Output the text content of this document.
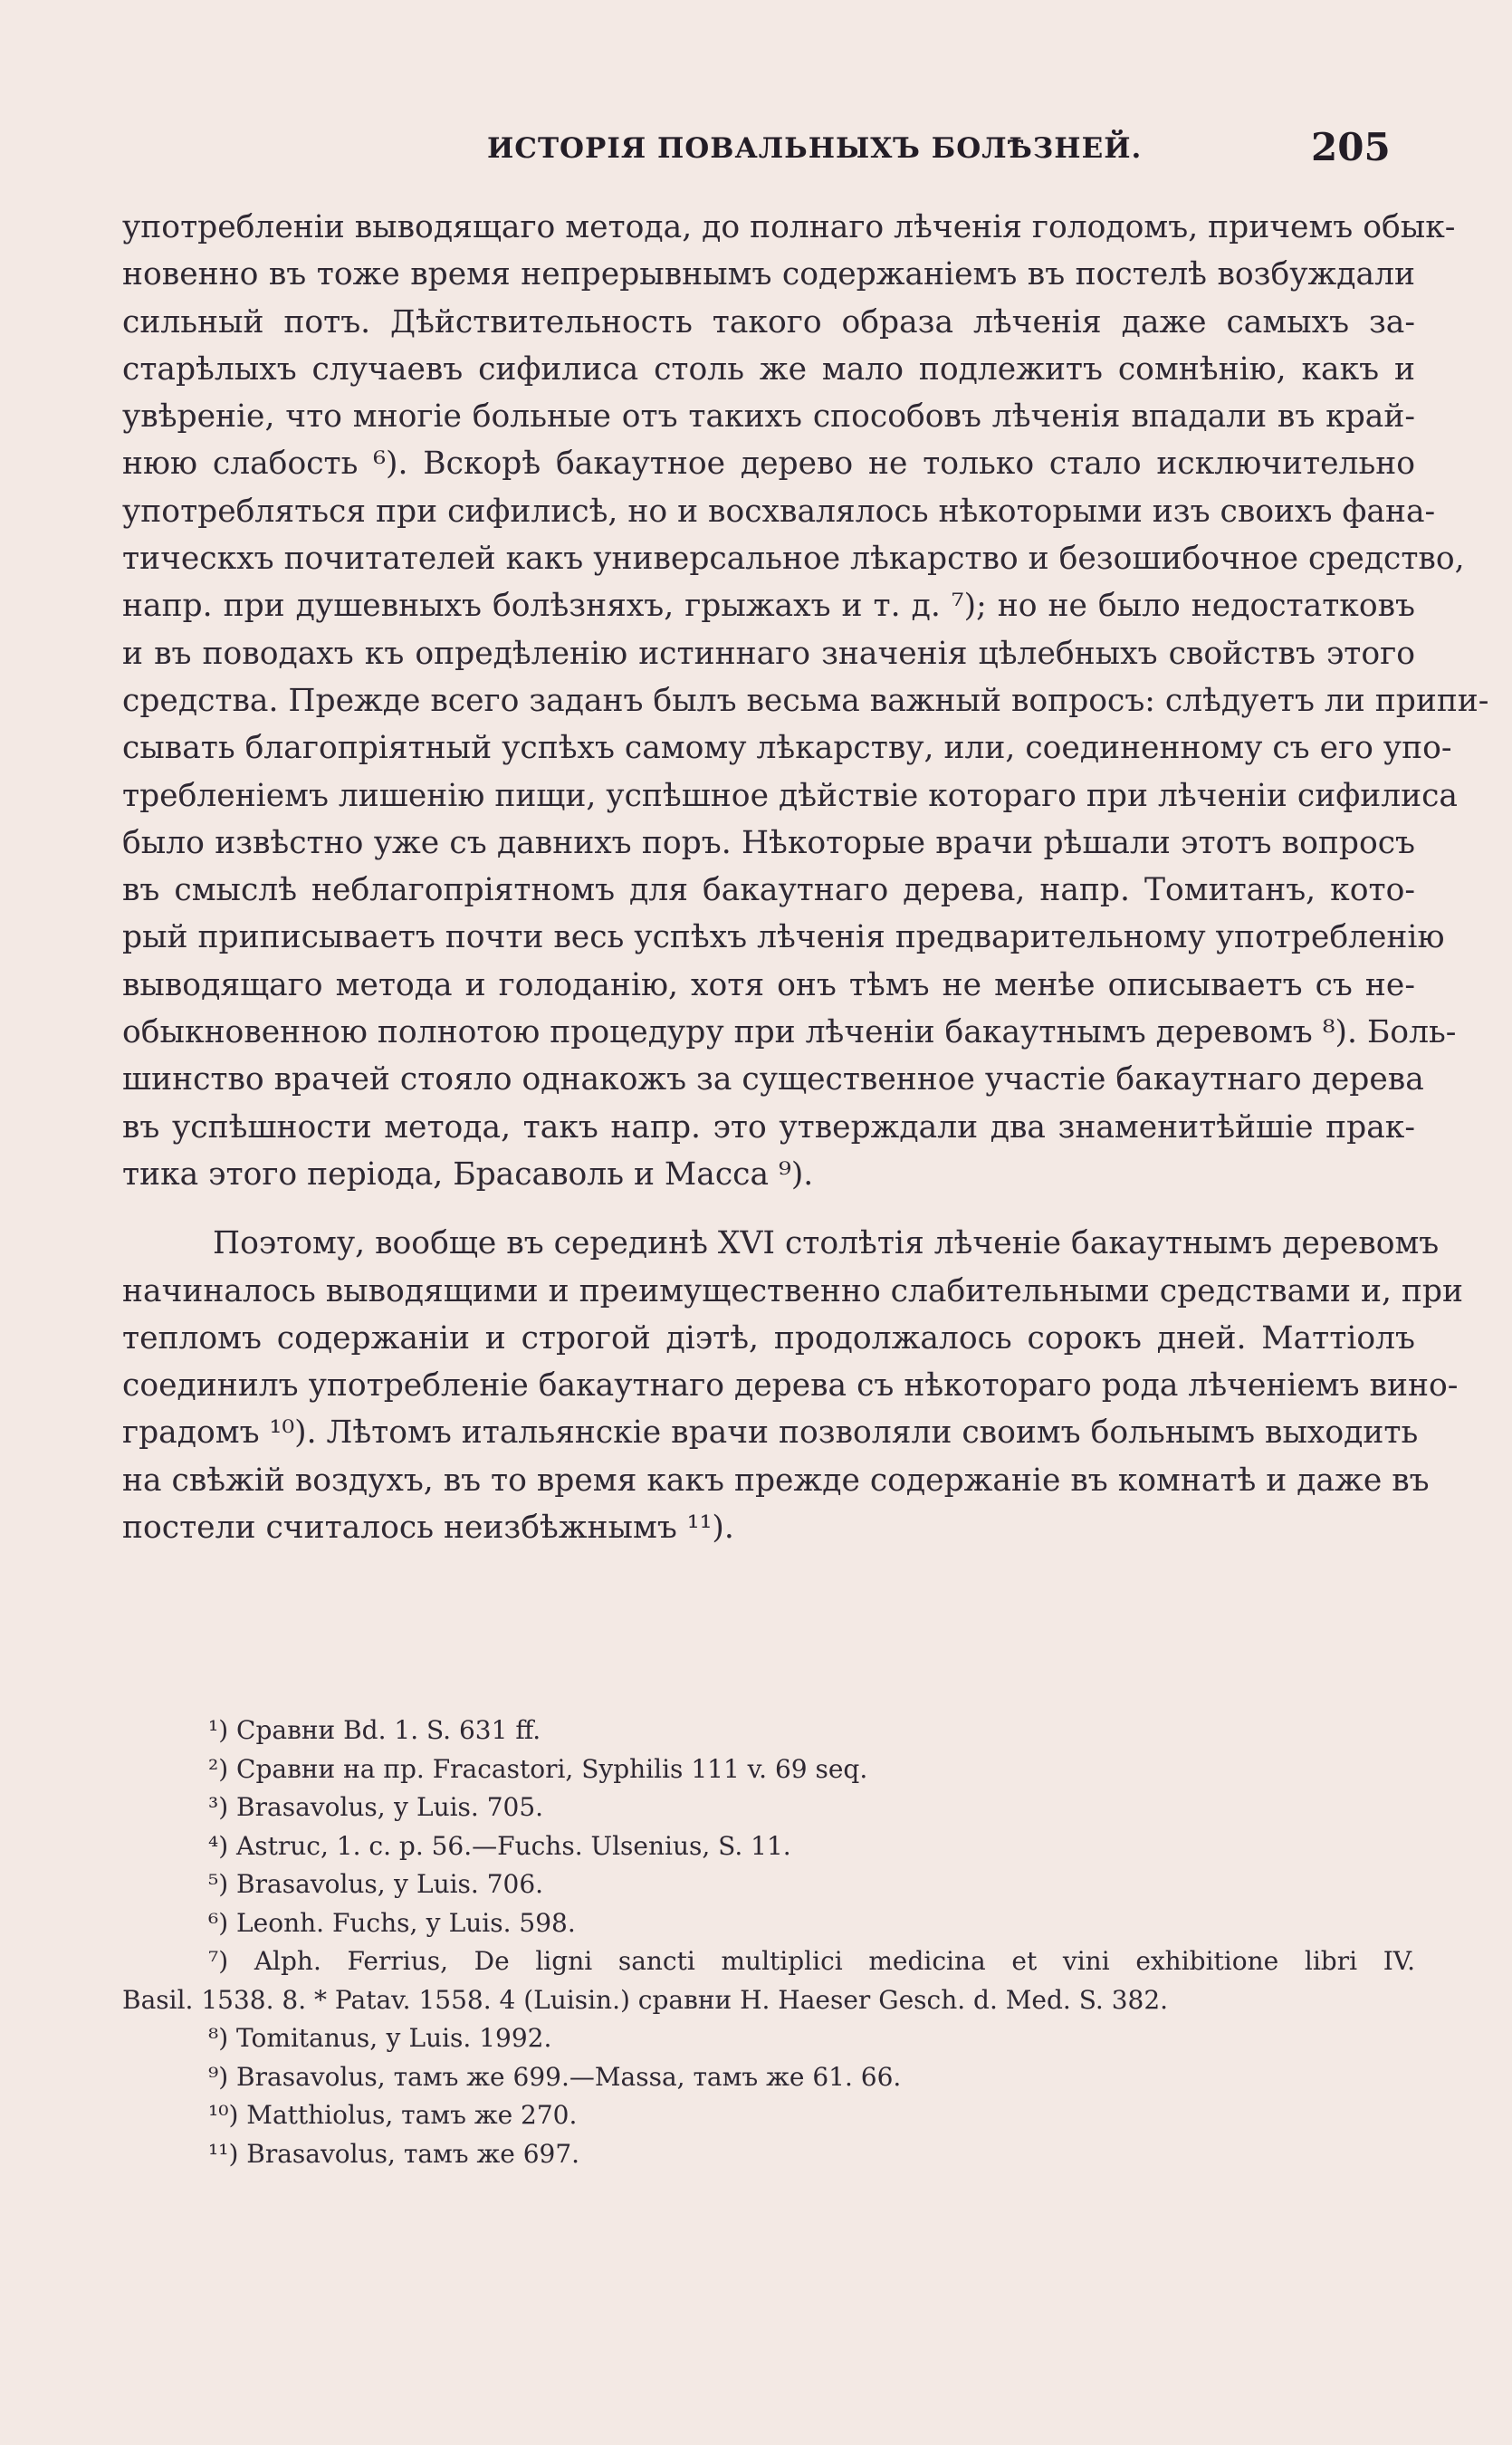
ИСТОРІЯ ПОВАЛЬНЫХЪ БОЛѢЗНЕЙ.	205
употребленіи выводящаго метода, до полнаго лѣченія голодомъ, причемъ обык-
новенно въ тоже время непрерывнымъ содержаніемъ въ постелѣ возбуждали
сильный потъ. Дѣйствительность такого образа лѣченія даже самыхъ за-
старѣлыхъ случаевъ сифилиса столь же мало подлежитъ сомнѣнію, какъ и
увѣреніе, что многіе больные отъ такихъ способовъ лѣченія впадали въ край-
нюю слабость ⁶). Вскорѣ бакаутное дерево не только стало исключительно
употребляться при сифилисѣ, но и восхвалялось нѣкоторыми изъ своихъ фана-
тическхъ почитателей какъ универсальное лѣкарство и безошибочное средство,
напр. при душевныхъ болѣзняхъ, грыжахъ и т. д. ⁷); но не было недостатковъ
и въ поводахъ къ опредѣленію истиннаго значенія цѣлебныхъ свойствъ этого
средства. Прежде всего заданъ былъ весьма важный вопросъ: слѣдуетъ ли припи-
сывать благопріятный успѣхъ самому лѣкарству, или, соединенному съ его упо-
требленіемъ лишенію пищи, успѣшное дѣйствіе котораго при лѣченіи сифилиса
было извѣстно уже съ давнихъ поръ. Нѣкоторые врачи рѣшали этотъ вопросъ
въ смыслѣ неблагопріятномъ для бакаутнаго дерева, напр. Томитанъ, кото-
рый приписываетъ почти весь успѣхъ лѣченія предварительному употребленію
выводящаго метода и голоданію, хотя онъ тѣмъ не менѣе описываетъ съ не-
обыкновенною полнотою процедуру при лѣченіи бакаутнымъ деревомъ ⁸). Боль-
шинство врачей стояло однакожъ за существенное участіе бакаутнаго дерева
въ успѣшности метода, такъ напр. это утверждали два знаменитѣйшіе прак-
тика этого періода, Брасаволь и Масса ⁹).
Поэтому, вообще въ серединѣ XVI столѣтія лѣченіе бакаутнымъ деревомъ
начиналось выводящими и преимущественно слабительными средствами и, при
тепломъ содержаніи и строгой діэтѣ, продолжалось сорокъ дней. Маттіолъ
соединилъ употребленіе бакаутнаго дерева съ нѣкотораго рода лѣченіемъ вино-
градомъ ¹⁰). Лѣтомъ итальянскіе врачи позволяли своимъ больнымъ выходить
на свѣжій воздухъ, въ то время какъ прежде содержаніе въ комнатѣ и даже въ
постели считалось неизбѣжнымъ ¹¹).
¹) Сравни Bd. 1. S. 631 ff.
²) Сравни на пр. Fracastori, Syphilis 111 v. 69 seq.
³) Brasavolus, у Luis. 705.
⁴) Astruc, 1. c. p. 56.—Fuchs. Ulsenius, S. 11.
⁵) Brasavolus, у Luis. 706.
⁶) Leonh. Fuchs, у Luis. 598.
⁷) Alph. Ferrius, De ligni sancti multiplici medicina et vini exhibitione libri IV.
Basil. 1538. 8. * Patav. 1558. 4 (Luisin.) сравни H. Haeser Gesch. d. Med. S. 382.
⁸) Tomitanus, у Luis. 1992.
⁹) Brasavolus, тамъ же 699.—Massa, тамъ же 61. 66.
¹⁰) Matthiolus, тамъ же 270.
¹¹) Brasavolus, тамъ же 697.
